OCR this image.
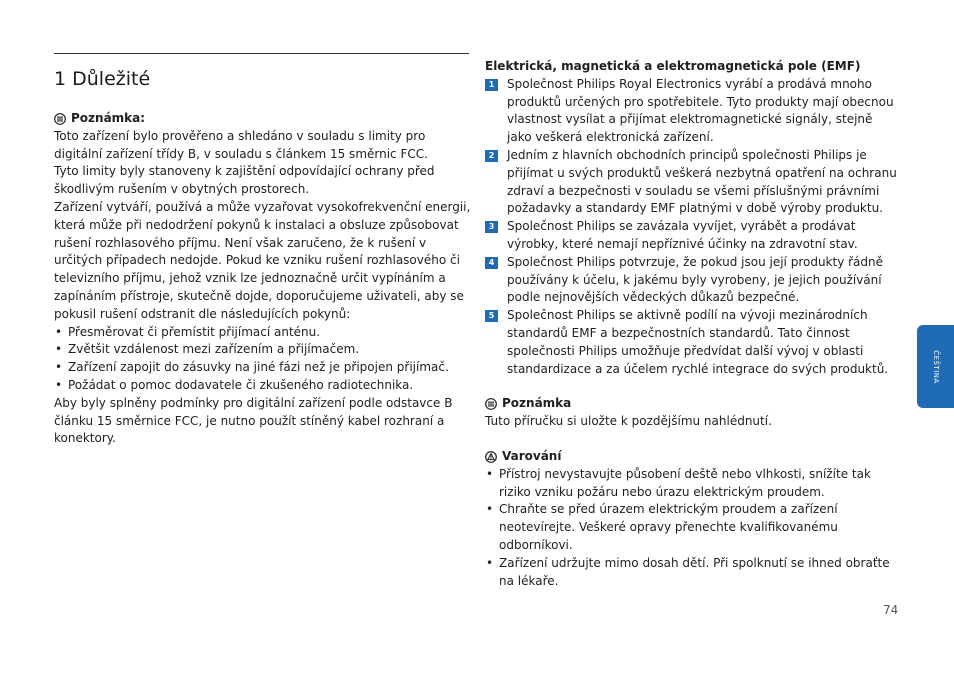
1 Důležité
Poznámka:

Toto zařízení bylo prověřeno a shledáno v souladu s limity pro digitální zařízení třídy B, v souladu s článkem 15 směrnic FCC.

Tyto limity byly stanoveny k zajištění odpovídající ochrany před škodlivým rušením v obytných prostorech.

Zařízení vytváří, používá a může vyzařovat vysokofrekvenční energii, která může při nedodržení pokynů k instalaci a obsluze způsobovat rušení rozhlasového příjmu. Není však zaručeno, že k rušení v určitých případech nedojde. Pokud ke vzniku rušení rozhlasového či televizního příjmu, jehož vznik lze jednoznačně určit vypínáním a zapínáním přístroje, skutečně dojde, doporučujeme uživateli, aby se pokusil rušení odstranit dle následujících pokynů:

• Přesměrovat či přemístit přijímací anténu.
• Zvětšit vzdálenost mezi zařízením a přijímačem.
• Zařízení zapojit do zásuvky na jiné fázi než je připojen přijímač.
• Požádat o pomoc dodavatele či zkušeného radiotechnika.

Aby byly splněny podmínky pro digitální zařízení podle odstavce B článku 15 směrnice FCC, je nutno použít stíněný kabel rozhraní a konektory.

Elektrická, magnetická a elektromagnetická pole (EMF)
1	Společnost Philips Royal Electronics vyrábí a prodává mnoho produktů určených pro spotřebitele. Tyto produkty mají obecnou vlastnost vysílat a přijímat elektromagnetické signály, stejně jako veškerá elektronická zařízení.
2	Jedním z hlavních obchodních principů společnosti Philips je přijímat u svých produktů veškerá nezbytná opatření na ochranu zdraví a bezpečnosti v souladu se všemi příslušnými právními požadavky a standardy EMF platnými v době výroby produktu.
3	Společnost Philips se zavázala vyvíjet, vyrábět a prodávat výrobky, které nemají nepříznivé účinky na zdravotní stav.
4	Společnost Philips potvrzuje, že pokud jsou její produkty řádně používány k účelu, k jakému byly vyrobeny, je jejich používání podle nejnovějších vědeckých důkazů bezpečné.
5	Společnost Philips se aktivně podílí na vývoji mezinárodních standardů EMF a bezpečnostních standardů. Tato činnost společnosti Philips umožňuje předvídat další vývoj v oblasti standardizace a za účelem rychlé integrace do svých produktů.
Poznámka

Tuto příručku si uložte k pozdějšímu nahlédnutí.

Varování
• Přístroj nevystavujte působení deště nebo vlhkosti, snížíte tak riziko vzniku požáru nebo úrazu elektrickým proudem.
• Chraňte se před úrazem elektrickým proudem a zařízení neotevírejte. Veškeré opravy přenechte kvalifikovanému odborníkovi.
• Zařízení udržujte mimo dosah dětí. Při spolknutí se ihned obraťte na lékaře.
ČEŠTINA
74
